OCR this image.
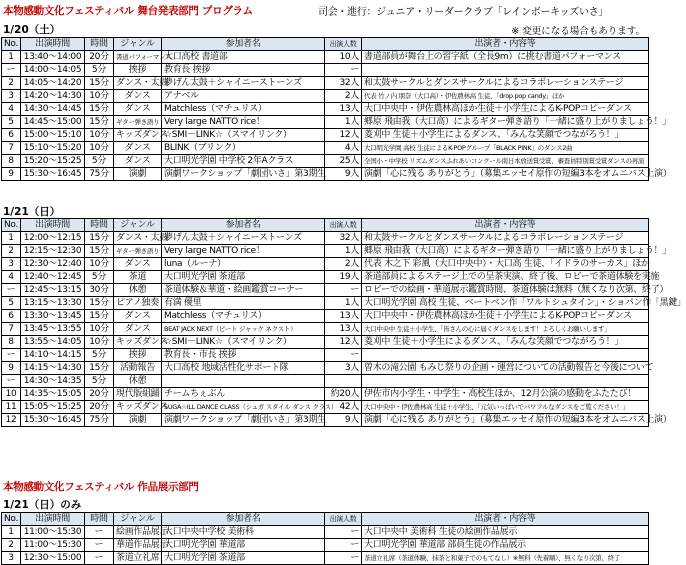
本物感動文化フェスティバル 舞台発表部門 プログラム	司会・進行：ジュニア・リーダークラブ「レインボーキッズいさ」
1/20（土）	※ 変更になる場合もあります。
No.	出演時間	時間	ジャンル	参加者名	出演人数	出演者・内容等
1	13:40～14:00	20分	書道パフォーマンス	大口高校 書道部	10人	書道部員が舞台上の習字紙（全長9m）に挑む書道パフォーマンス
ー	14:00～14:05	5分	挨拶	教育長 挨拶	ー	
2	14:05～14:20	15分	ダンス・太鼓	夢げん太鼓＋シャイニーストーンズ	32人	和太鼓サークルとダンスサークルによるコラボレーションステージ
3	14:20～14:30	10分	ダンス	アナベル	2人	代表 竹ノ内 朋奈（大口高）・伊佐農林高 生徒、「drop pop candy」ほか
4	14:30～14:45	15分	ダンス	Matchless（マチュリス）	13人	大口中央中・伊佐農林高ほか生徒＋小学生によるK-POPコピーダンス
5	14:45～15:00	15分	ギター弾き語り	Very large NATTO rice！	1人	郷原 飛由我（大口高）によるギター弾き語り「一緒に盛り上がりましょう！」
6	15:00～15:10	10分	キッズダンス	☆SMI－LINK☆（スマイリンク）	12人	菱刈中 生徒＋小学生によるダンス、「みんな笑顔でつながろう！」
7	15:10～15:20	10分	ダンス	BLINK（ブリンク）	4人	大口明光学園 高校 生徒によるK-POPグループ「BLACK PINK」のダンス2曲
8	15:20～15:25	5分	ダンス	大口明光学園 中学校 2年Aクラス	25人	全国小・中学校 リズムダンスふれあいコンクール南日本放送賞受賞、審査員特別賞受賞ダンスの再演
9	15:30～16:45	75分	演劇	演劇ワークショップ「劇団いさ」第3期生	9人	演劇「心に残る ありがとう」（募集エッセイ原作の短編3本をオムニバス上演）
1/21（日）
No.	出演時間	時間	ジャンル	参加者名	出演人数	出演者・内容等
1	12:00～12:15	15分	ダンス・太鼓	夢げん太鼓＋シャイニーストーンズ	32人	和太鼓サークルとダンスサークルによるコラボレーションステージ
2	12:15～12:30	15分	ギター弾き語り	Very large NATTO rice！	1人	郷原 飛由我（大口高）によるギター弾き語り「一緒に盛り上がりましょう！」
3	12:30～12:40	10分	ダンス	luna（ルーナ）	2人	代表 木之下 彩風（大口中央中）・大口高 生徒、「イドラのサーカス」ほか
4	12:40～12:45	5分	茶道	大口明光学園 茶道部	19人	茶道部員によるステージ上での呈茶実演、終了後、ロビーで茶道体験を実施
ー	12:45～13:15	30分	休憩	茶道体験＆華道・絵画鑑賞コーナー	ー	ロビーでの絵画・華道展示鑑賞時間、茶道体験は無料（無くなり次第、終了）
5	13:15～13:30	15分	ピアノ独奏	有満 優里	1人	大口明光学園 高校 生徒、ベートベン作「ワルトシュタイン」・ショパン作「黒鍵」
6	13:30～13:45	15分	ダンス	Matchless（マチュリス）	13人	大口中央中・伊佐農林高ほか生徒＋小学生によるK-POPコピーダンス
7	13:45～13:55	10分	ダンス	BEAT JACK NEXT（ビート ジャック ネクスト）	13人	大口中央中 生徒＋小学生、「皆さんの心に届くダンスをします！よろしくお願いします」
8	13:55～14:05	10分	キッズダンス	☆SMI－LINK☆（スマイリンク）	12人	菱刈中 生徒＋小学生によるダンス、「みんな笑顔でつながろう！」
ー	14:10～14:15	5分	挨拶	教育長・市長 挨拶	ー	
9	14:15～14:30	15分	活動報告	大口高校 地域活性化サポート隊	3人	曽木の滝公園 もみじ祭りの企画・運営についての活動報告と今後について
ー	14:30～14:35	5分	休憩			
10	14:35～15:05	20分	現代版組踊	チームちぇぶん	約20人	伊佐市内小学生・中学生・高校生ほか、12月公演の感動をふたたび！
11	15:05～15:25	20分	キッズダンス	SUGA☆ILL DANCE CLASS（シュガ スタイル ダンス クラス）	42人	大口中央中・伊佐農林高 生徒＋小学生、「元気いっぱいでパワフルなダンスをご覧ください！」
12	15:30～16:45	75分	演劇	演劇ワークショップ「劇団いさ」第3期生	9人	演劇「心に残る ありがとう」（募集エッセイ原作の短編3本をオムニバス上演）
本物感動文化フェスティバル 作品展示部門
1/21（日）のみ
No.	出演時間	時間	ジャンル	参加者名	出演人数	出演者・内容等
1	11:00～15:30	ー	絵画作品展示	大口中央中学校 美術科	ー	大口中央中 美術科 生徒の絵画作品展示
2	11:00～15:30	ー	華道作品展示	大口明光学園 華道部	ー	大口明光学園 華道部 部員生徒の作品展示
3	12:30～15:00	ー	茶道立礼席	大口明光学園 茶道部	ー	茶道立礼席（茶道体験、抹茶と和菓子でのもてなし）※無料（先着順）、無くなり次第、終了
